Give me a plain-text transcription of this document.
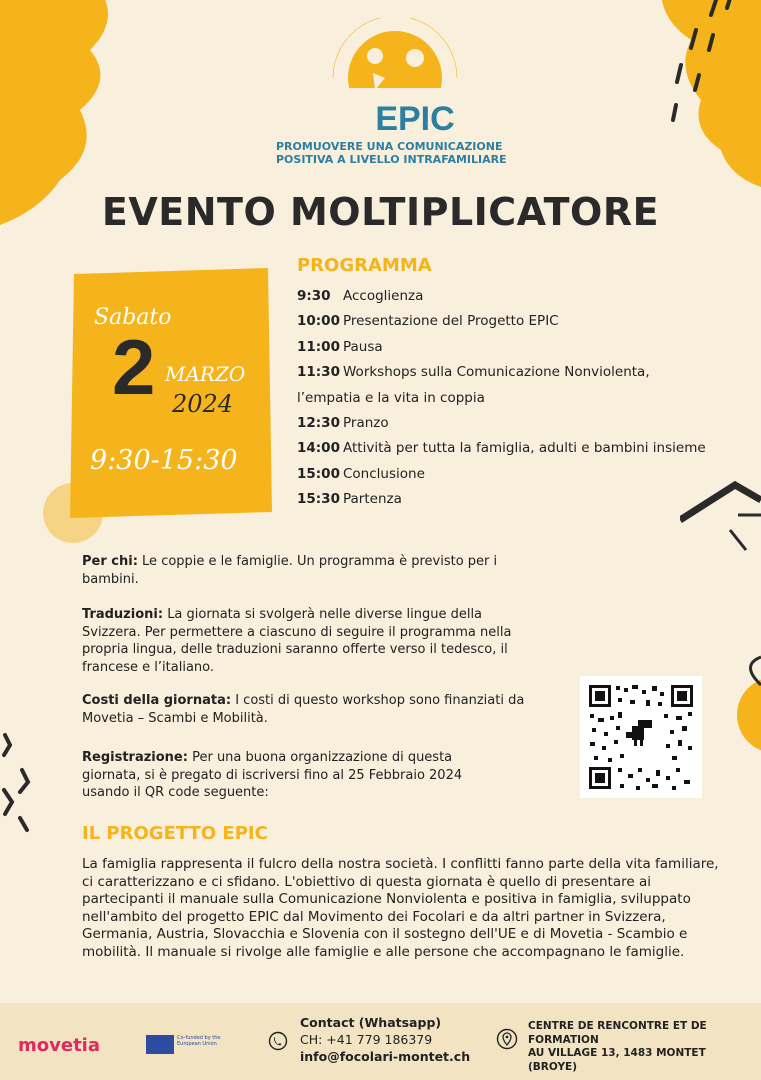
EPIC
PROMUOVERE UNA COMUNICAZIONE
POSITIVA A LIVELLO INTRAFAMILIARE
EVENTO MOLTIPLICATORE
Sabato
2 MARZO
2024
9:30-15:30
PROGRAMMA
9:30 Accoglienza
10:00 Presentazione del Progetto EPIC
11:00 Pausa
11:30 Workshops sulla Comunicazione Nonviolenta,
l’empatia e la vita in coppia
12:30 Pranzo
14:00 Attività per tutta la famiglia, adulti e bambini insieme
15:00 Conclusione
15:30 Partenza
Per chi: Le coppie e le famiglie. Un programma è previsto per i bambini.
Traduzioni: La giornata si svolgerà nelle diverse lingue della Svizzera. Per permettere a ciascuno di seguire il programma nella propria lingua, delle traduzioni saranno offerte verso il tedesco, il francese e l’italiano.
Costi della giornata: I costi di questo workshop sono finanziati da Movetia – Scambi e Mobilità.
Registrazione: Per una buona organizzazione di questa giornata, si è pregato di iscriversi fino al 25 Febbraio 2024 usando il QR code seguente:
IL PROGETTO EPIC
La famiglia rappresenta il fulcro della nostra società. I conflitti fanno parte della vita familiare, ci caratterizzano e ci sfidano. L'obiettivo di questa giornata è quello di presentare ai partecipanti il manuale sulla Comunicazione Nonviolenta e positiva in famiglia, sviluppato nell'ambito del progetto EPIC dal Movimento dei Focolari e da altri partner in Svizzera, Germania, Austria, Slovacchia e Slovenia con il sostegno dell'UE e di Movetia - Scambio e mobilità. Il manuale si rivolge alle famiglie e alle persone che accompagnano le famiglie.
movetia	Co-funded by the European Union
Contact (Whatsapp)
CH: +41 779 186379
info@focolari-montet.ch
CENTRE DE RENCONTRE ET DE
FORMATION
AU VILLAGE 13, 1483 MONTET (BROYE)
